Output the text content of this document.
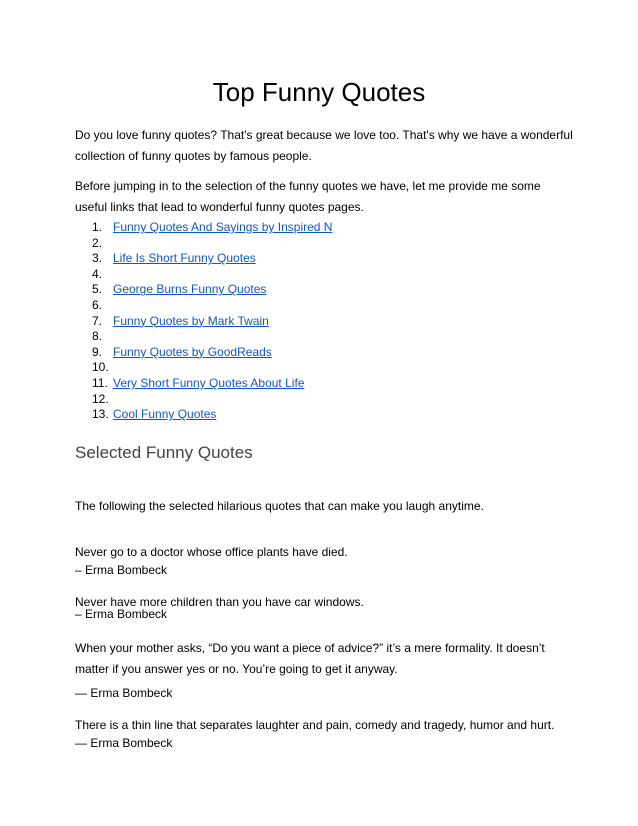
Top Funny Quotes

Do you love funny quotes? That's great because we love too. That's why we have a wonderful collection of funny quotes by famous people.

Before jumping in to the selection of the funny quotes we have, let me provide me some useful links that lead to wonderful funny quotes pages.

1. Funny Quotes And Sayings by Inspired N
2.
3. Life Is Short Funny Quotes
4.
5. George Burns Funny Quotes
6.
7. Funny Quotes by Mark Twain
8.
9. Funny Quotes by GoodReads
10.
11. Very Short Funny Quotes About Life
12.
13. Cool Funny Quotes
Selected Funny Quotes

The following the selected hilarious quotes that can make you laugh anytime.

Never go to a doctor whose office plants have died.

– Erma Bombeck

Never have more children than you have car windows.

– Erma Bombeck

When your mother asks, “Do you want a piece of advice?” it’s a mere formality. It doesn’t matter if you answer yes or no. You’re going to get it anyway.

— Erma Bombeck

There is a thin line that separates laughter and pain, comedy and tragedy, humor and hurt.

— Erma Bombeck
